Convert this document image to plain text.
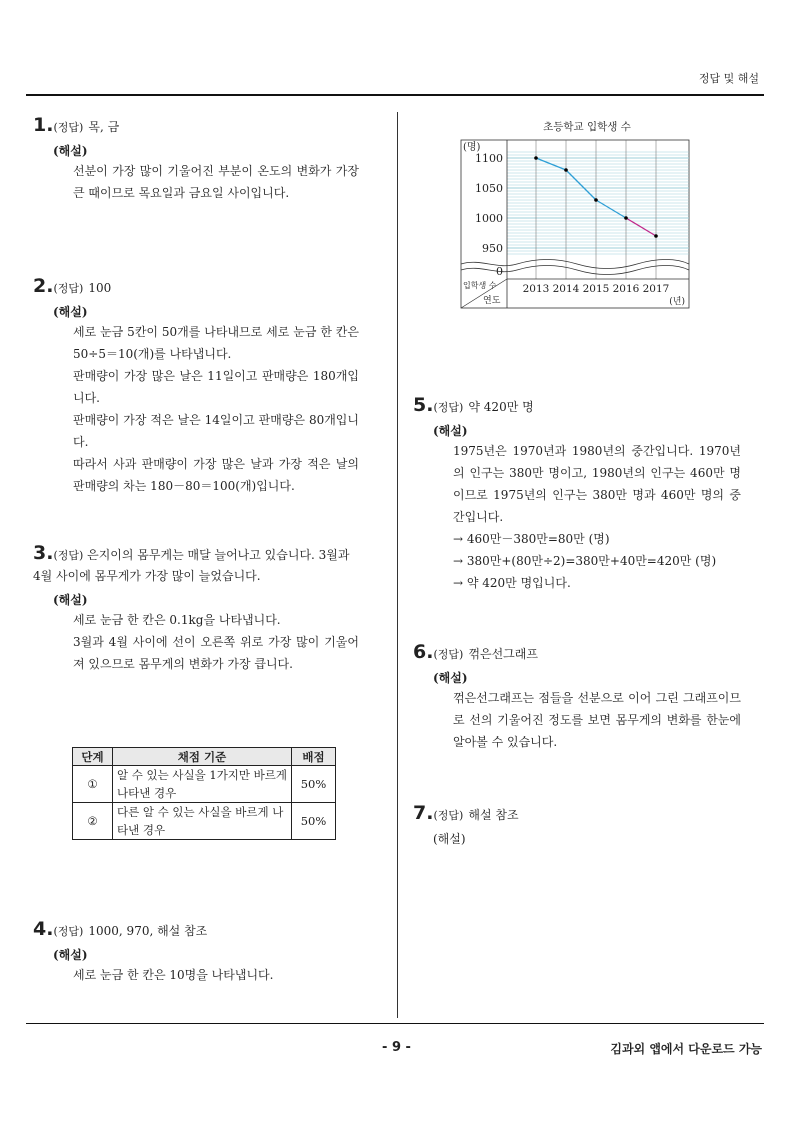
정답 및 해설
1.(정답) 목, 금
(해설)

선분이 가장 많이 기울어진 부분이 온도의 변화가 가장 큰 때이므로 목요일과 금요일 사이입니다.

2.(정답) 100
(해설)

세로 눈금 5칸이 50개를 나타내므로 세로 눈금 한 칸은 50÷5＝10(개)를 나타냅니다.

판매량이 가장 많은 날은 11일이고 판매량은 180개입니다.

판매량이 가장 적은 날은 14일이고 판매량은 80개입니다.

따라서 사과 판매량이 가장 많은 날과 가장 적은 날의 판매량의 차는 180－80＝100(개)입니다.

3.(정답) 은지이의 몸무게는 매달 늘어나고 있습니다. 3월과 4월 사이에 몸무게가 가장 많이 늘었습니다.
(해설)

세로 눈금 한 칸은 0.1kg을 나타냅니다.

3월과 4월 사이에 선이 오른쪽 위로 가장 많이 기울어져 있으므로 몸무게의 변화가 가장 큽니다.

단계	채점 기준	배점
①	알 수 있는 사실을 1가지만 바르게 나타낸 경우	50%
②	다른 알 수 있는 사실을 바르게 나타낸 경우	50%
4.(정답) 1000, 970, 해설 참조
(해설)

세로 눈금 한 칸은 10명을 나타냅니다.

초등학교 입학생 수
1100
1050
1000
950
0
(명)
입학생 수
연도	(년)
2013 2014 2015 2016 2017
5.(정답) 약 420만 명
(해설)

1975년은 1970년과 1980년의 중간입니다. 1970년의 인구는 380만 명이고, 1980년의 인구는 460만 명이므로 1975년의 인구는 380만 명과 460만 명의 중간입니다.

→ 460만－380만=80만 (명)

→ 380만+(80만÷2)=380만+40만=420만 (명)

→ 약 420만 명입니다.

6.(정답) 꺾은선그래프
(해설)

꺾은선그래프는 점들을 선분으로 이어 그린 그래프이므로 선의 기울어진 정도를 보면 몸무게의 변화를 한눈에 알아볼 수 있습니다.

7.(정답) 해설 참조
(해설)
- 9 -	김과외 앱에서 다운로드 가능
